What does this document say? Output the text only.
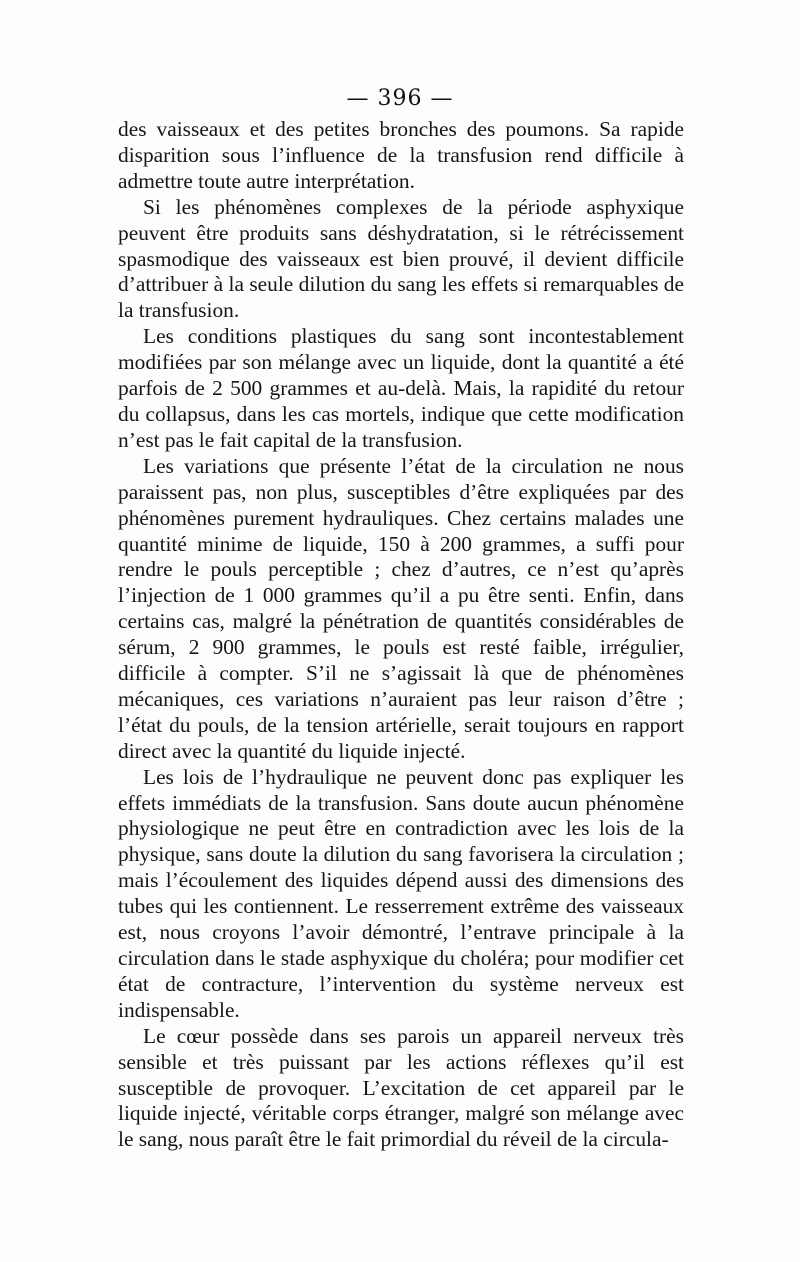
— 396 —

des vaisseaux et des petites bronches des poumons. Sa rapide disparition sous l’influence de la transfusion rend difficile à admettre toute autre interprétation.

Si les phénomènes complexes de la période asphyxique peuvent être produits sans déshydratation, si le rétrécissement spasmodique des vaisseaux est bien prouvé, il devient difficile d’attribuer à la seule dilution du sang les effets si remarquables de la transfusion.

Les conditions plastiques du sang sont incontestablement modifiées par son mélange avec un liquide, dont la quantité a été parfois de 2 500 grammes et au-delà. Mais, la rapidité du retour du collapsus, dans les cas mortels, indique que cette modification n’est pas le fait capital de la transfusion.

Les variations que présente l’état de la circulation ne nous paraissent pas, non plus, susceptibles d’être expliquées par des phénomènes purement hydrauliques. Chez certains malades une quantité minime de liquide, 150 à 200 grammes, a suffi pour rendre le pouls perceptible ; chez d’autres, ce n’est qu’après l’injection de 1 000 grammes qu’il a pu être senti. Enfin, dans certains cas, malgré la pénétration de quantités considérables de sérum, 2 900 grammes, le pouls est resté faible, irrégulier, difficile à compter. S’il ne s’agissait là que de phénomènes mécaniques, ces variations n’auraient pas leur raison d’être ; l’état du pouls, de la tension artérielle, serait toujours en rapport direct avec la quantité du liquide injecté.

Les lois de l’hydraulique ne peuvent donc pas expliquer les effets immédiats de la transfusion. Sans doute aucun phénomène physiologique ne peut être en contradiction avec les lois de la physique, sans doute la dilution du sang favorisera la circulation ; mais l’écoulement des liquides dépend aussi des dimensions des tubes qui les contiennent. Le resserrement extrême des vaisseaux est, nous croyons l’avoir démontré, l’entrave principale à la circulation dans le stade asphyxique du choléra; pour modifier cet état de contracture, l’intervention du système nerveux est indispensable.

Le cœur possède dans ses parois un appareil nerveux très sensible et très puissant par les actions réflexes qu’il est susceptible de provoquer. L’excitation de cet appareil par le liquide injecté, véritable corps étranger, malgré son mélange avec le sang, nous paraît être le fait primordial du réveil de la circula-
